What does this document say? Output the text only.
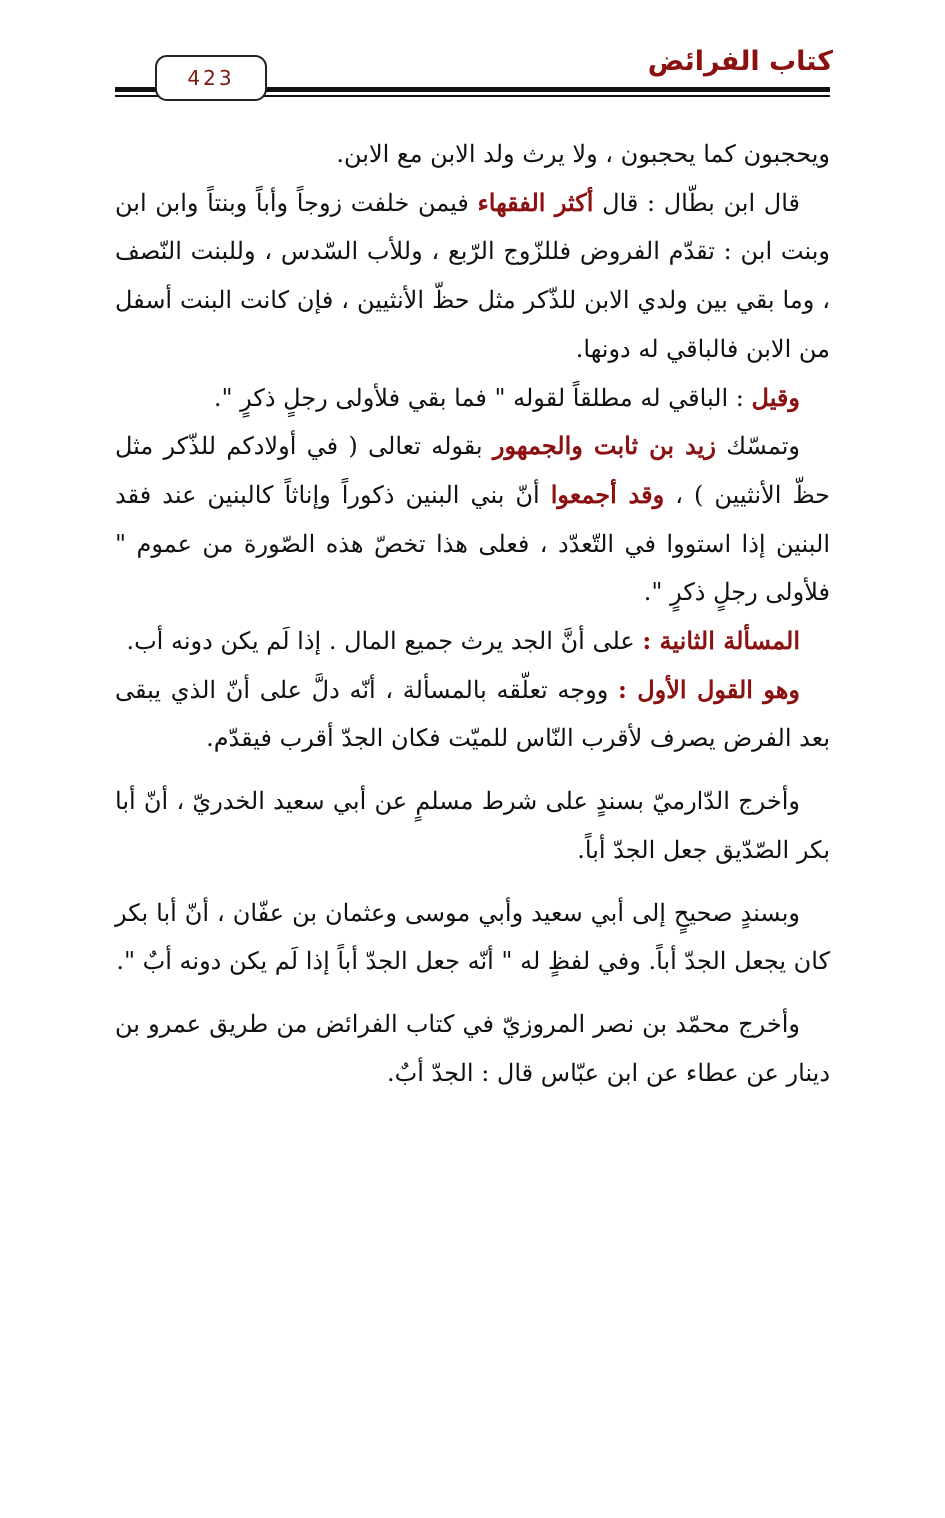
كتاب الفرائض
423

ويحجبون كما يحجبون ، ولا يرث ولد الابن مع الابن.

قال ابن بطّال : قال أكثر الفقهاء فيمن خلفت زوجاً وأباً وبنتاً وابن ابن وبنت ابن : تقدّم الفروض فللزّوج الرّبع ، وللأب السّدس ، وللبنت النّصف ، وما بقي بين ولدي الابن للذّكر مثل حظّ الأنثيين ، فإن كانت البنت أسفل من الابن فالباقي له دونها.

وقيل : الباقي له مطلقاً لقوله " فما بقي فلأولى رجلٍ ذكرٍ ".

وتمسّك زيد بن ثابت والجمهور بقوله تعالى ( في أولادكم للذّكر مثل حظّ الأنثيين ) ، وقد أجمعوا أنّ بني البنين ذكوراً وإناثاً كالبنين عند فقد البنين إذا استووا في التّعدّد ، فعلى هذا تخصّ هذه الصّورة من عموم " فلأولى رجلٍ ذكرٍ ".

المسألة الثانية : على أنَّ الجد يرث جميع المال . إذا لَم يكن دونه أب.

وهو القول الأول : ووجه تعلّقه بالمسألة ، أنّه دلَّ على أنّ الذي يبقى بعد الفرض يصرف لأقرب النّاس للميّت فكان الجدّ أقرب فيقدّم.

وأخرج الدّارميّ بسندٍ على شرط مسلمٍ عن أبي سعيد الخدريّ ، أنّ أبا بكر الصّدّيق جعل الجدّ أباً.

وبسندٍ صحيحٍ إلى أبي سعيد وأبي موسى وعثمان بن عفّان ، أنّ أبا بكر كان يجعل الجدّ أباً. وفي لفظٍ له " أنّه جعل الجدّ أباً إذا لَم يكن دونه أبٌ ".

وأخرج محمّد بن نصر المروزيّ في كتاب الفرائض من طريق عمرو بن دينار عن عطاء عن ابن عبّاس قال : الجدّ أبٌ.
